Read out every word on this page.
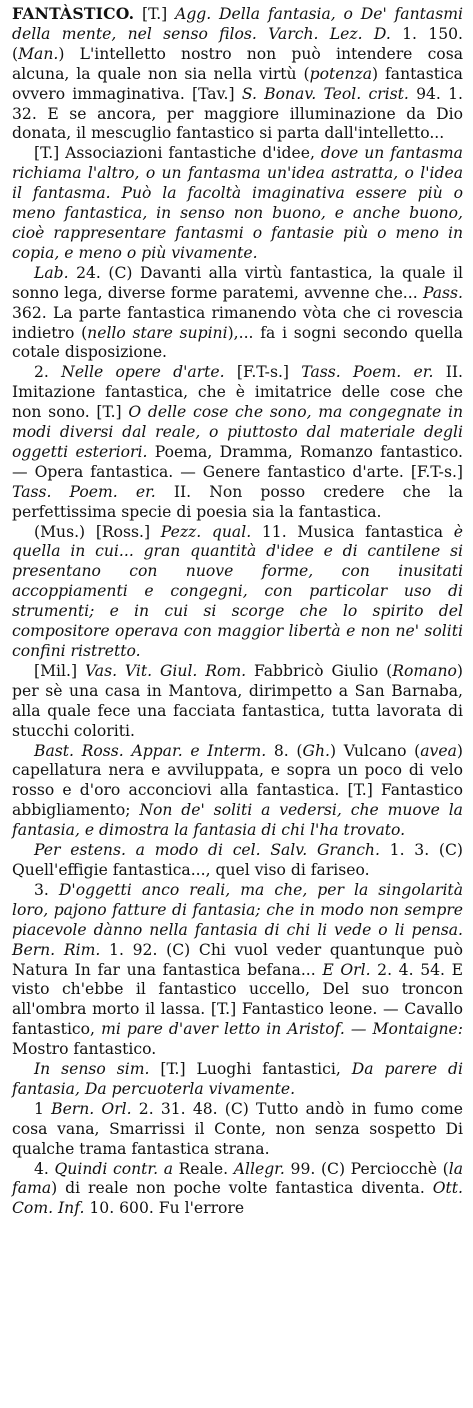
FANTÀSTICO. [T.] Agg. Della fantasia, o De' fantasmi della mente, nel senso filos. Varch. Lez. D. 1. 150. (Man.) L'intelletto nostro non può intendere cosa alcuna, la quale non sia nella virtù (potenza) fantastica ovvero immaginativa. [Tav.] S. Bonav. Teol. crist. 94. 1. 32. E se ancora, per maggiore illuminazione da Dio donata, il mescuglio fantastico si parta dall'intelletto...

[T.] Associazioni fantastiche d'idee, dove un fantasma richiama l'altro, o un fantasma un'idea astratta, o l'idea il fantasma. Può la facoltà imaginativa essere più o meno fantastica, in senso non buono, e anche buono, cioè rappresentare fantasmi o fantasie più o meno in copia, e meno o più vivamente.

Lab. 24. (C) Davanti alla virtù fantastica, la quale il sonno lega, diverse forme paratemi, avvenne che... Pass. 362. La parte fantastica rimanendo vòta che ci rovescia indietro (nello stare supini),... fa i sogni secondo quella cotale disposizione.

2. Nelle opere d'arte. [F.T-s.] Tass. Poem. er. II. Imitazione fantastica, che è imitatrice delle cose che non sono. [T.] O delle cose che sono, ma congegnate in modi diversi dal reale, o piuttosto dal materiale degli oggetti esteriori. Poema, Dramma, Romanzo fantastico. — Opera fantastica. — Genere fantastico d'arte. [F.T-s.] Tass. Poem. er. II. Non posso credere che la perfettissima specie di poesia sia la fantastica.

(Mus.) [Ross.] Pezz. qual. 11. Musica fantastica è quella in cui... gran quantità d'idee e di cantilene si presentano con nuove forme, con inusitati accoppiamenti e congegni, con particolar uso di strumenti; e in cui si scorge che lo spirito del compositore operava con maggior libertà e non ne' soliti confini ristretto.

[Mil.] Vas. Vit. Giul. Rom. Fabbricò Giulio (Romano) per sè una casa in Mantova, dirimpetto a San Barnaba, alla quale fece una facciata fantastica, tutta lavorata di stucchi coloriti.

Bast. Ross. Appar. e Interm. 8. (Gh.) Vulcano (avea) capellatura nera e avviluppata, e sopra un poco di velo rosso e d'oro acconciovi alla fantastica. [T.] Fantastico abbigliamento; Non de' soliti a vedersi, che muove la fantasia, e dimostra la fantasia di chi l'ha trovato.

Per estens. a modo di cel. Salv. Granch. 1. 3. (C) Quell'effigie fantastica..., quel viso di fariseo.

3. D'oggetti anco reali, ma che, per la singolarità loro, pajono fatture di fantasia; che in modo non sempre piacevole dànno nella fantasia di chi li vede o li pensa. Bern. Rim. 1. 92. (C) Chi vuol veder quantunque può Natura In far una fantastica befana... E Orl. 2. 4. 54. E visto ch'ebbe il fantastico uccello, Del suo troncon all'ombra morto il lassa. [T.] Fantastico leone. — Cavallo fantastico, mi pare d'aver letto in Aristof. — Montaigne: Mostro fantastico.

In senso sim. [T.] Luoghi fantastici, Da parere di fantasia, Da percuoterla vivamente.

1 Bern. Orl. 2. 31. 48. (C) Tutto andò in fumo come cosa vana, Smarrissi il Conte, non senza sospetto Di qualche trama fantastica strana.

4. Quindi contr. a Reale. Allegr. 99. (C) Perciocchè (la fama) di reale non poche volte fantastica diventa. Ott. Com. Inf. 10. 600. Fu l'errore
